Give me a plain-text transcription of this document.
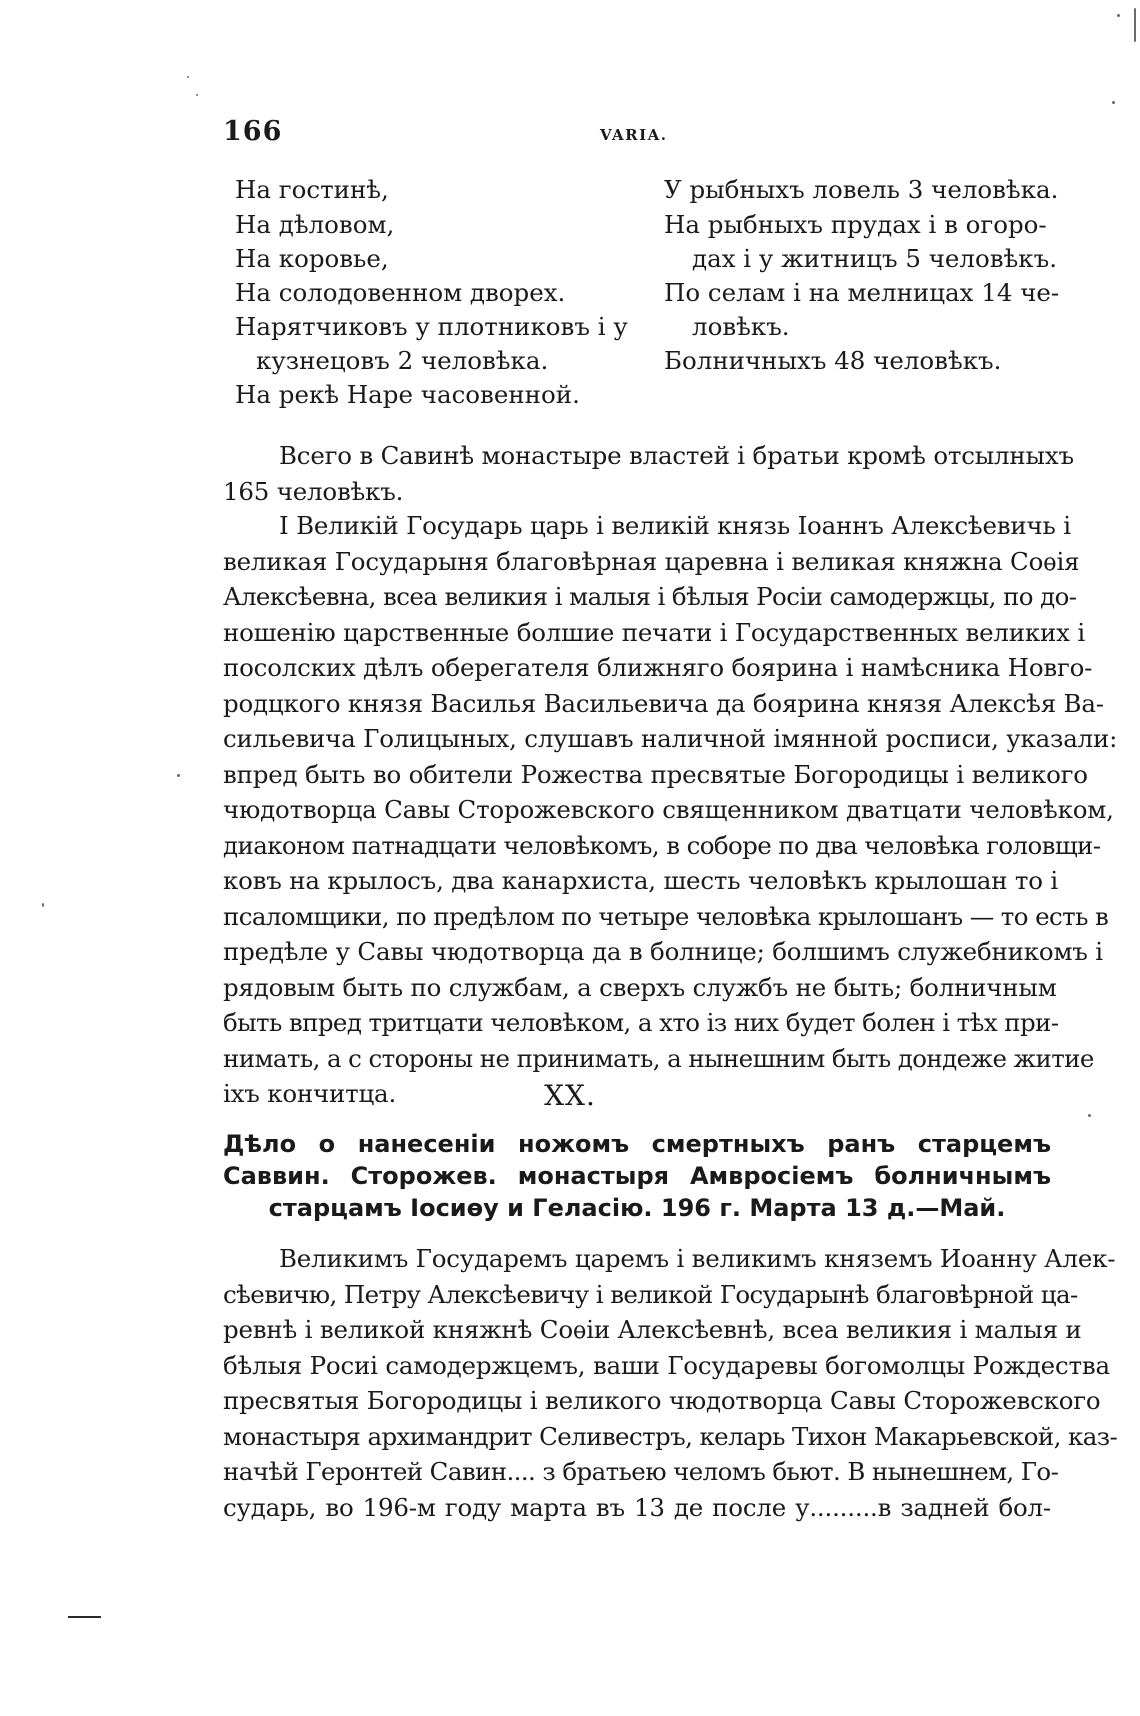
166	VARIA.
На гостинѣ,
На дѣловом,
На коровье,
На солодовенном дворех.
Нарятчиковъ у плотниковъ і у
кузнецовъ 2 человѣка.
На рекѣ Наре часовенной.
У рыбныхъ ловель 3 человѣка.
На рыбныхъ прудах і в огоро-
дах і у житницъ 5 человѣкъ.
По селам і на мелницах 14 че-
ловѣкъ.
Болничныхъ 48 человѣкъ.
Всего в Савинѣ монастыре властей і братьи кромѣ отсылныхъ
165 человѣкъ.
І Великій Государь царь і великій князь Іоаннъ Алексѣевичь і
великая Государыня благовѣрная царевна і великая княжна Соѳія
Алексѣевна, всеа великия і малыя і бѣлыя Росіи самодержцы, по до-
ношенію царственные болшие печати і Государственных великих і
посолских дѣлъ оберегателя ближняго боярина і намѣсника Новго-
родцкого князя Василья Васильевича да боярина князя Алексѣя Ва-
сильевича Голицыных, слушавъ наличной імянной росписи, указали:
впред быть во обители Рожества пресвятые Богородицы і великого
чюдотворца Савы Сторожевского священником дватцати человѣком,
диаконом патнадцати человѣкомъ, в соборе по два человѣка головщи-
ковъ на крылосъ, два канархиста, шесть человѣкъ крылошан то і
псаломщики, по предѣлом по четыре человѣка крылошанъ — то есть в
предѣле у Савы чюдотворца да в болнице; болшимъ служебникомъ і
рядовым быть по службам, а сверхъ службъ не быть; болничным
быть впред тритцати человѣком, а хто із них будет болен і тѣх при-
нимать, а с стороны не принимать, а нынешним быть дондеже житие
іхъ кончитца.	XX.
Дѣло о нанесеніи ножомъ смертныхъ ранъ старцемъ
Саввин. Сторожев. монастыря Амвросіемъ болничнымъ
старцамъ Іосиѳу и Геласію. 196 г. Марта 13 д.—Май.
Великимъ Государемъ царемъ і великимъ княземъ Иоанну Алек-
сѣевичю, Петру Алексѣевичу і великой Государынѣ благовѣрной ца-
ревнѣ і великой княжнѣ Соѳіи Алексѣевнѣ, всеа великия і малыя и
бѣлыя Росиі самодержцемъ, ваши Государевы богомолцы Рождества
пресвятыя Богородицы і великого чюдотворца Савы Сторожевского
монастыря архимандрит Селивестръ, келарь Тихон Макарьевской, каз-
начѣй Геронтей Савин.... з братьею челомъ бьют. В нынешнем, Го-
сударь, во 196-м году марта въ 13 де после у.........в задней бол-
